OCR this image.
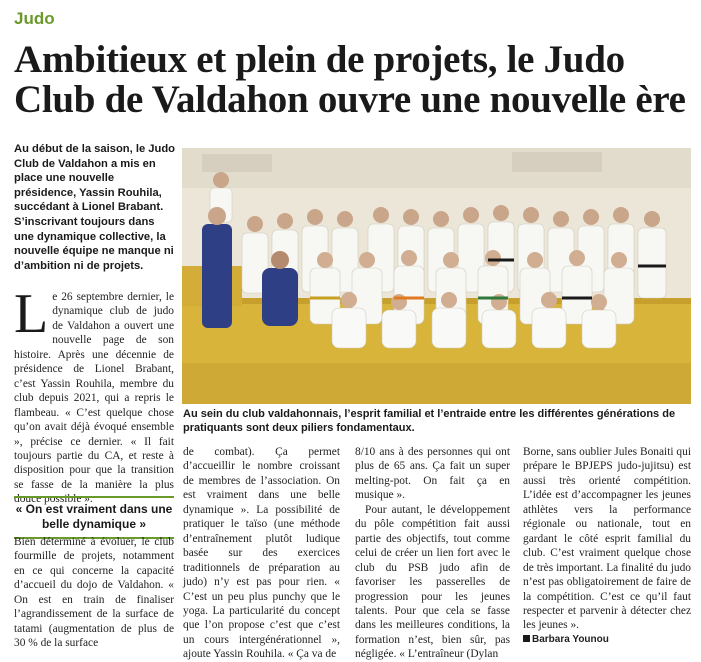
Judo
Ambitieux et plein de projets, le Judo Club de Valdahon ouvre une nouvelle ère
Au début de la saison, le Judo Club de Valdahon a mis en place une nouvelle présidence, Yassin Rouhila, succédant à Lionel Brabant. S’inscrivant toujours dans une dynamique collective, la nouvelle équipe ne manque ni d’ambition ni de projets.
L e 26 septembre dernier, le dynamique club de judo de Valdahon a ouvert une nouvelle page de son histoire. Après une décennie de présidence de Lionel Brabant, c’est Yassin Rouhila, membre du club depuis 2021, qui a repris le flambeau. « C’est quelque chose qu’on avait déjà évoqué ensemble », précise ce dernier. « Il fait toujours partie du CA, et reste à disposition pour que la transition se fasse de la manière la plus douce possible ».

« On est vraiment dans une belle dynamique »

Bien déterminé à évoluer, le club fourmille de projets, notamment en ce qui concerne la capacité d’accueil du dojo de Valdahon. « On est en train de finaliser l’agrandissement de la surface de tatami (augmentation de plus de 30 % de la surface

Au sein du club valdahonnais, l’esprit familial et l’entraide entre les différentes générations de pratiquants sont deux piliers fondamentaux.

de combat). Ça permet d’accueillir le nombre croissant de membres de l’association. On est vraiment dans une belle dynamique ». La possibilité de pratiquer le taïso (une méthode d’entraînement plutôt ludique basée sur des exercices traditionnels de préparation au judo) n’y est pas pour rien. « C’est un peu plus punchy que le yoga. La particularité du concept que l’on propose c’est que c’est un cours intergénérationnel », ajoute Yassin Rouhila. « Ça va de

8/10 ans à des personnes qui ont plus de 65 ans. Ça fait un super melting-pot. On fait ça en musique ».

Pour autant, le développement du pôle compétition fait aussi partie des objectifs, tout comme celui de créer un lien fort avec le club du PSB judo afin de favoriser les passerelles de progression pour les jeunes talents. Pour que cela se fasse dans les meilleures conditions, la formation n’est, bien sûr, pas négligée. « L’entraîneur (Dylan

Borne, sans oublier Jules Bonaiti qui prépare le BPJEPS judo-jujitsu) est aussi très orienté compétition. L’idée est d’accompagner les jeunes athlètes vers la performance régionale ou nationale, tout en gardant le côté esprit familial du club. C’est vraiment quelque chose de très important. La finalité du judo n’est pas obligatoirement de faire de la compétition. C’est ce qu’il faut respecter et parvenir à détecter chez les jeunes ».

Barbara Younou
